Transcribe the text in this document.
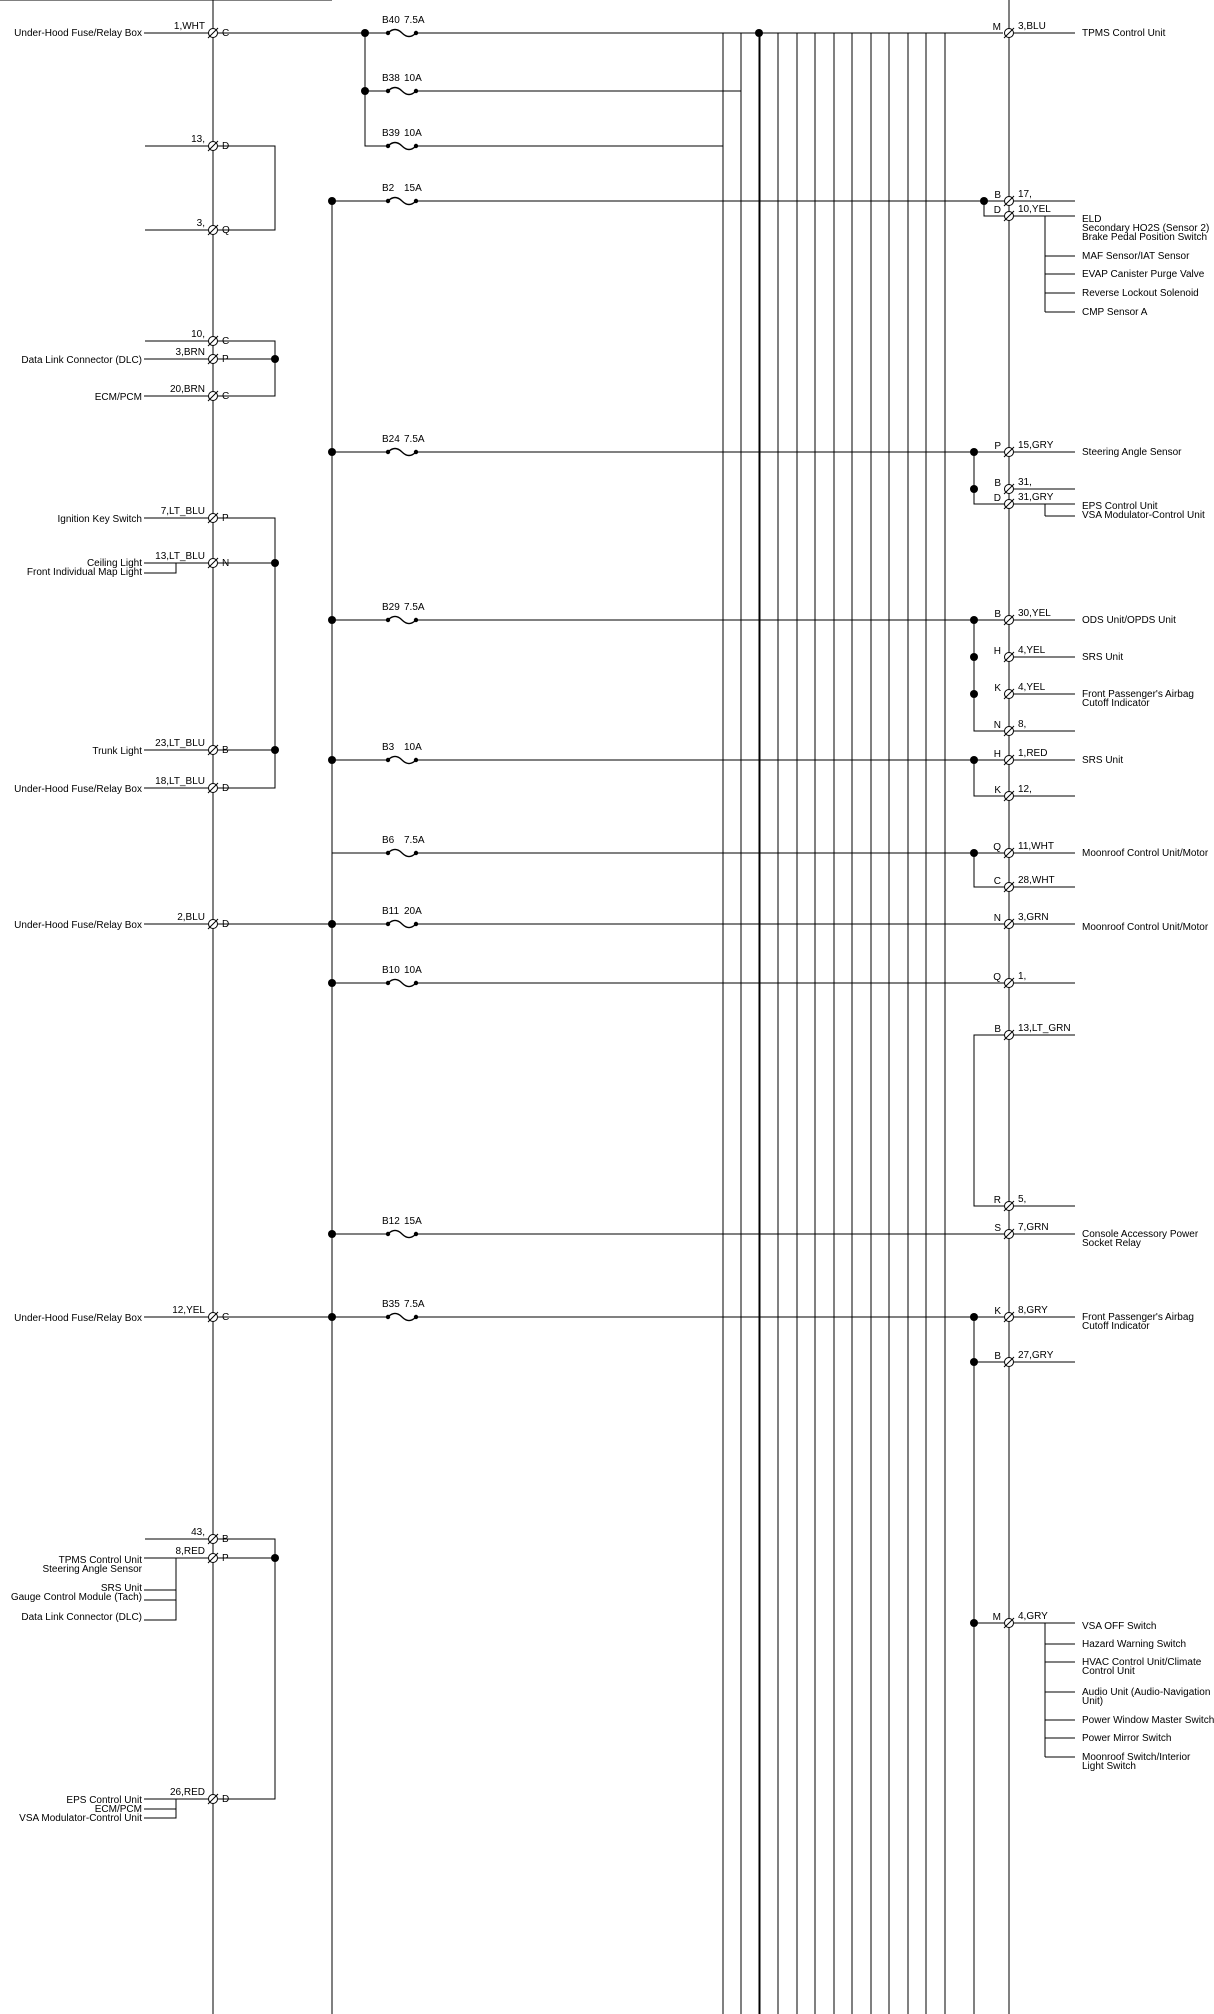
1,WHT
C
13,
D
3,
Q
10,
C
3,BRN
P
20,BRN
C
7,LT_BLU
P
13,LT_BLU
N
23,LT_BLU
B
18,LT_BLU
D
2,BLU
D
12,YEL
C
43,
B
8,RED
P
26,RED
D
Under-Hood Fuse/Relay Box
Data Link Connector (DLC)
ECM/PCM
Ignition Key Switch
Ceiling Light
Front Individual Map Light
Trunk Light
Under-Hood Fuse/Relay Box
Under-Hood Fuse/Relay Box
Under-Hood Fuse/Relay Box
TPMS Control Unit
Steering Angle Sensor
SRS Unit
Gauge Control Module (Tach)
Data Link Connector (DLC)
EPS Control Unit
ECM/PCM
VSA Modulator-Control Unit
B40 7.5A
B38 10A
B39 10A
B2 15A
B24 7.5A
B29 7.5A
B3 10A
B6 7.5A
B11 20A
B10 10A
B12 15A
B35 7.5A
M 3,BLU
B 17,
D 10,YEL
P 15,GRY
B 31,
D 31,GRY
B 30,YEL
H 4,YEL
K 4,YEL
N 8,
H 1,RED
K 12,
Q 11,WHT
C 28,WHT
N 3,GRN
Q 1,
B 13,LT_GRN
R 5,
S 7,GRN
K 8,GRY
B 27,GRY
M 4,GRY
TPMS Control Unit
Steering Angle Sensor
EPS Control Unit
VSA Modulator-Control Unit
ODS Unit/OPDS Unit
SRS Unit
Front Passenger's Airbag
Cutoff Indicator
SRS Unit
Moonroof Control Unit/Motor
Moonroof Control Unit/Motor
Console Accessory Power
Socket Relay
Front Passenger's Airbag
Cutoff Indicator
ELD
Secondary HO2S (Sensor 2)
Brake Pedal Position Switch
MAF Sensor/IAT Sensor
EVAP Canister Purge Valve
Reverse Lockout Solenoid
CMP Sensor A
VSA OFF Switch
Hazard Warning Switch
HVAC Control Unit/Climate
Control Unit
Audio Unit (Audio-Navigation
Unit)
Power Window Master Switch
Power Mirror Switch
Moonroof Switch/Interior
Light Switch
